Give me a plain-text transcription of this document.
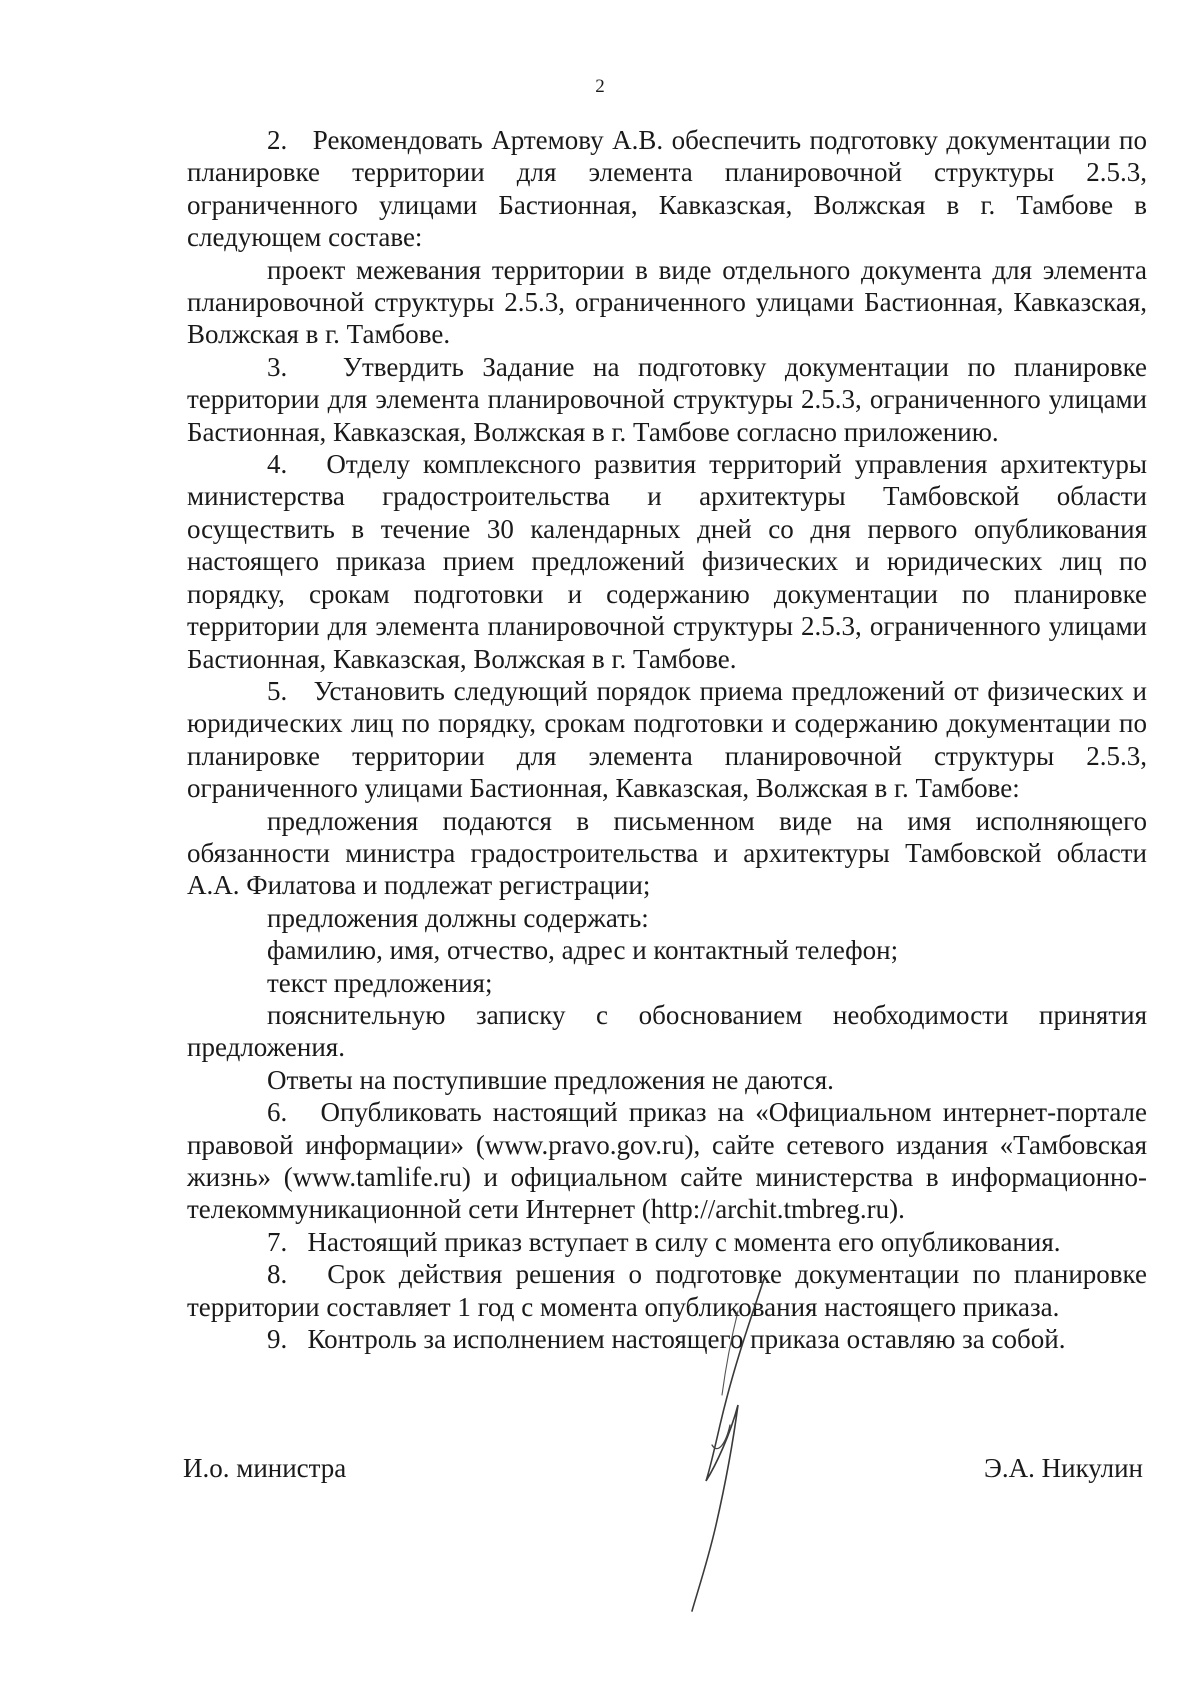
2

2.   Рекомендовать Артемову А.В. обеспечить подготовку документации по планировке территории для элемента планировочной структуры 2.5.3, ограниченного улицами Бастионная, Кавказская, Волжская в г. Тамбове в следующем составе:

проект межевания территории в виде отдельного документа для элемента планировочной структуры 2.5.3, ограниченного улицами Бастионная, Кавказская, Волжская в г. Тамбове.

3.   Утвердить Задание на подготовку документации по планировке территории для элемента планировочной структуры 2.5.3, ограниченного улицами Бастионная, Кавказская, Волжская в г. Тамбове согласно приложению.

4.   Отделу комплексного развития территорий управления архитектуры министерства градостроительства и архитектуры Тамбовской области осуществить в течение 30 календарных дней со дня первого опубликования настоящего приказа прием предложений физических и юридических лиц по порядку, срокам подготовки и содержанию документации по планировке территории для элемента планировочной структуры 2.5.3, ограниченного улицами Бастионная, Кавказская, Волжская в г. Тамбове.

5.   Установить следующий порядок приема предложений от физических и юридических лиц по порядку, срокам подготовки и содержанию документации по планировке территории для элемента планировочной структуры 2.5.3, ограниченного улицами Бастионная, Кавказская, Волжская в г. Тамбове:

предложения подаются в письменном виде на имя исполняющего обязанности министра градостроительства и архитектуры Тамбовской области А.А. Филатова и подлежат регистрации;

предложения должны содержать:

фамилию, имя, отчество, адрес и контактный телефон;

текст предложения;

пояснительную записку с обоснованием необходимости принятия предложения.

Ответы на поступившие предложения не даются.

6.   Опубликовать настоящий приказ на «Официальном интернет-портале правовой информации» (www.pravo.gov.ru), сайте сетевого издания «Тамбовская жизнь» (www.tamlife.ru) и официальном сайте министерства в информационно-телекоммуникационной сети Интернет (http://archit.tmbreg.ru).

7.   Настоящий приказ вступает в силу с момента его опубликования.

8.   Срок действия решения о подготовке документации по планировке территории составляет 1 год с момента опубликования настоящего приказа.

9.   Контроль за исполнением настоящего приказа оставляю за собой.

И.о. министра	Э.А. Никулин
